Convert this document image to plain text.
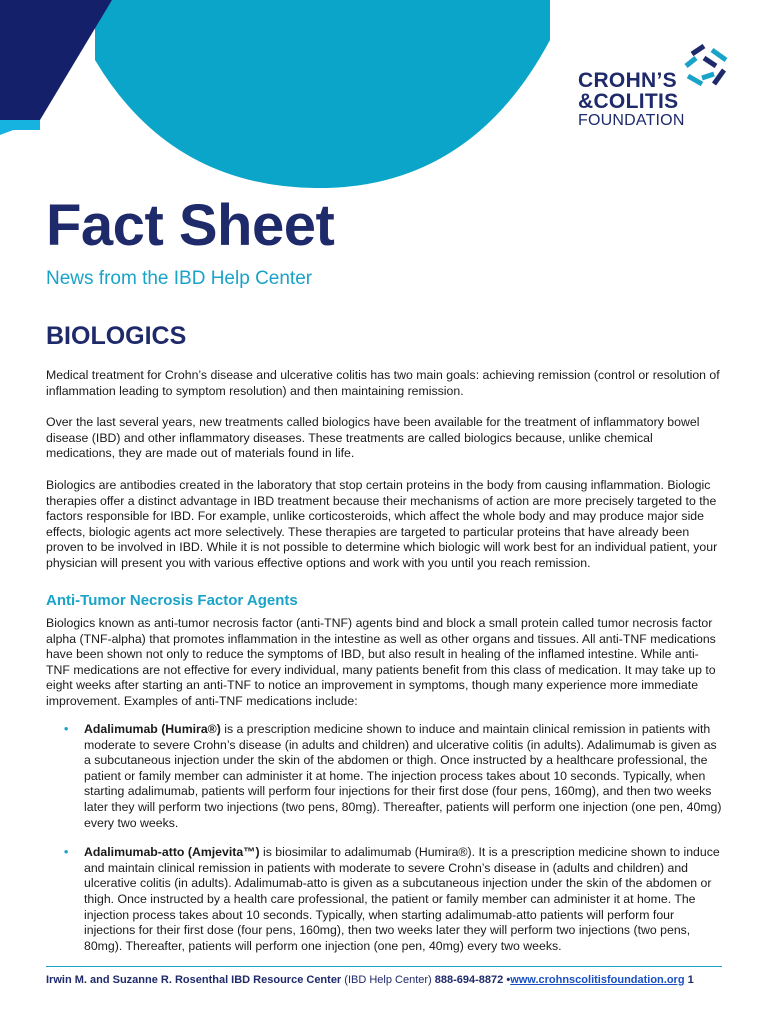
CROHN’S
&COLITIS
FOUNDATION
Fact Sheet
News from the IBD Help Center
BIOLOGICS

Medical treatment for Crohn’s disease and ulcerative colitis has two main goals: achieving remission (control or resolution of inflammation leading to symptom resolution) and then maintaining remission.

Over the last several years, new treatments called biologics have been available for the treatment of inflammatory bowel disease (IBD) and other inflammatory diseases. These treatments are called biologics because, unlike chemical medications, they are made out of materials found in life.

Biologics are antibodies created in the laboratory that stop certain proteins in the body from causing inflammation. Biologic therapies offer a distinct advantage in IBD treatment because their mechanisms of action are more precisely targeted to the factors responsible for IBD. For example, unlike corticosteroids, which affect the whole body and may produce major side effects, biologic agents act more selectively. These therapies are targeted to particular proteins that have already been proven to be involved in IBD. While it is not possible to determine which biologic will work best for an individual patient, your physician will present you with various effective options and work with you until you reach remission.

Anti-Tumor Necrosis Factor Agents

Biologics known as anti-tumor necrosis factor (anti-TNF) agents bind and block a small protein called tumor necrosis factor alpha (TNF-alpha) that promotes inflammation in the intestine as well as other organs and tissues. All anti-TNF medications have been shown not only to reduce the symptoms of IBD, but also result in healing of the inflamed intestine. While anti-TNF medications are not effective for every individual, many patients benefit from this class of medication. It may take up to eight weeks after starting an anti-TNF to notice an improvement in symptoms, though many experience more immediate improvement. Examples of anti-TNF medications include:

• Adalimumab (Humira®) is a prescription medicine shown to induce and maintain clinical remission in patients with moderate to severe Crohn’s disease (in adults and children) and ulcerative colitis (in adults). Adalimumab is given as a subcutaneous injection under the skin of the abdomen or thigh. Once instructed by a healthcare professional, the patient or family member can administer it at home. The injection process takes about 10 seconds. Typically, when starting adalimumab, patients will perform four injections for their first dose (four pens, 160mg), and then two weeks later they will perform two injections (two pens, 80mg). Thereafter, patients will perform one injection (one pen, 40mg) every two weeks.
• Adalimumab-atto (Amjevita™) is biosimilar to adalimumab (Humira®). It is a prescription medicine shown to induce and maintain clinical remission in patients with moderate to severe Crohn’s disease in (adults and children) and ulcerative colitis (in adults). Adalimumab-atto is given as a subcutaneous injection under the skin of the abdomen or thigh. Once instructed by a health care professional, the patient or family member can administer it at home. The injection process takes about 10 seconds. Typically, when starting adalimumab-atto patients will perform four injections for their first dose (four pens, 160mg), then two weeks later they will perform two injections (two pens, 80mg). Thereafter, patients will perform one injection (one pen, 40mg) every two weeks.
Irwin M. and Suzanne R. Rosenthal IBD Resource Center (IBD Help Center) 888-694-8872 •www.crohnscolitisfoundation.org 1
